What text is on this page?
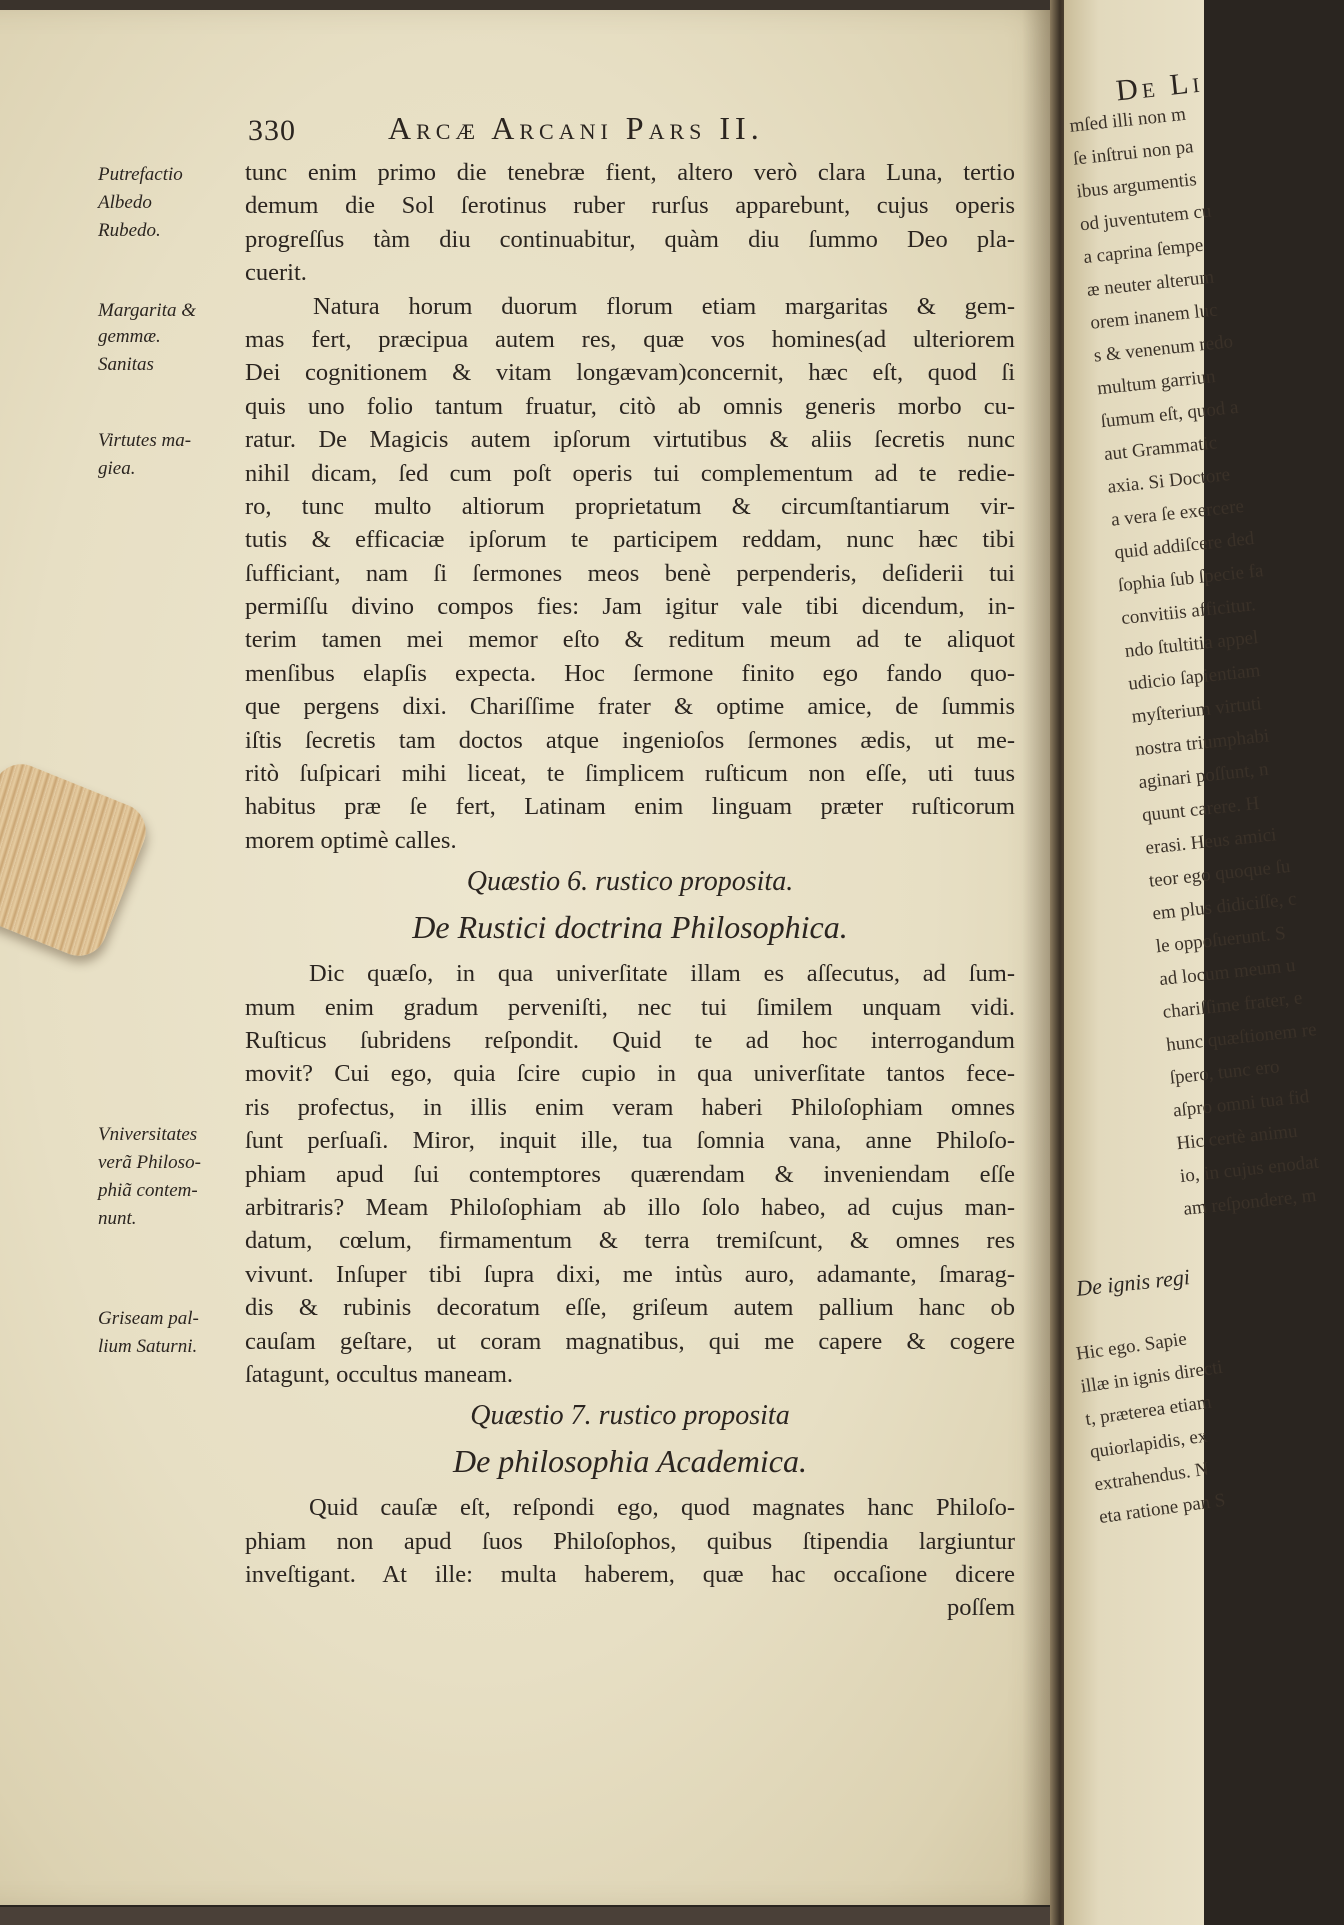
330	Arcæ Arcani Pars II.
Putrefactio
Albedo
Rubedo.
Margarita &
gemmæ.
Sanitas
Virtutes ma-
giea.
Vniversitates
verã Philoso-
phiã contem-
nunt.
Griseam pal-
lium Saturni.
tunc enim primo die tenebræ fient, altero verò clara Luna, tertio
demum die Sol ſerotinus ruber rurſus apparebunt, cujus operis
progreſſus tàm diu continuabitur, quàm diu ſummo Deo pla-
cuerit.
Natura horum duorum florum etiam margaritas & gem-
mas fert, præcipua autem res, quæ vos homines(ad ulteriorem
Dei cognitionem & vitam longævam)concernit, hæc eſt, quod ſi
quis uno folio tantum fruatur, citò ab omnis generis morbo cu-
ratur. De Magicis autem ipſorum virtutibus & aliis ſecretis nunc
nihil dicam, ſed cum poſt operis tui complementum ad te redie-
ro, tunc multo altiorum proprietatum & circumſtantiarum vir-
tutis & efficaciæ ipſorum te participem reddam, nunc hæc tibi
ſufficiant, nam ſi ſermones meos benè perpenderis, deſiderii tui
permiſſu divino compos fies: Jam igitur vale tibi dicendum, in-
terim tamen mei memor eſto & reditum meum ad te aliquot
menſibus elapſis expecta. Hoc ſermone finito ego fando quo-
que pergens dixi. Chariſſime frater & optime amice, de ſummis
iſtis ſecretis tam doctos atque ingenioſos ſermones ædis, ut me-
ritò ſuſpicari mihi liceat, te ſimplicem ruſticum non eſſe, uti tuus
habitus præ ſe fert, Latinam enim linguam præter ruſticorum
morem optimè calles.
Quæstio 6. rustico proposita.
De Rustici doctrina Philosophica.
Dic quæſo, in qua univerſitate illam es aſſecutus, ad ſum-
mum enim gradum perveniſti, nec tui ſimilem unquam vidi.
Ruſticus ſubridens reſpondit. Quid te ad hoc interrogandum
movit? Cui ego, quia ſcire cupio in qua univerſitate tantos fece-
ris profectus, in illis enim veram haberi Philoſophiam omnes
ſunt perſuaſi. Miror, inquit ille, tua ſomnia vana, anne Philoſo-
phiam apud ſui contemptores quærendam & inveniendam eſſe
arbitraris? Meam Philoſophiam ab illo ſolo habeo, ad cujus man-
datum, cœlum, firmamentum & terra tremiſcunt, & omnes res
vivunt. Inſuper tibi ſupra dixi, me intùs auro, adamante, ſmarag-
dis & rubinis decoratum eſſe, griſeum autem pallium hanc ob
cauſam geſtare, ut coram magnatibus, qui me capere & cogere
ſatagunt, occultus maneam.
Quæstio 7. rustico proposita
De philosophia Academica.
Quid cauſæ eſt, reſpondi ego, quod magnates hanc Philoſo-
phiam non apud ſuos Philoſophos, quibus ſtipendia largiuntur
inveſtigant. At ille: multa haberem, quæ hac occaſione dicere
poſſem
De Li
mſed illi non m
ſe inſtrui non pa
ibus argumentis
od juventutem cu
a caprina ſempe
æ neuter alterum
orem inanem luc
s & venenum redo
multum garriun
ſumum eſt, quod a
aut Grammatic
axia. Si Doctore
a vera ſe exercere
quid addiſcere ded
ſophia ſub ſpecie fa
convitiis afficitur.
ndo ſtultitia appel
udicio ſapientiam
myſterium virtuti
nostra triumphabi
aginari poſſunt, n
quunt carere. H
erasi. Heus amici
teor ego quoque ſu
em plus didiciſſe, c
le oppoſuerunt. S
ad locum meum u
chariſſime frater, e
hunc quæſtionem re
ſpero, tunc ero
aſpro omni tua fid
Hic certè animu
io, in cujus enodat
am reſpondere, m
De ignis regi
Hic ego. Sapie
illæ in ignis directi
t, præterea etiam
quiorlapidis, ex
extrahendus. N
eta ratione pan S
